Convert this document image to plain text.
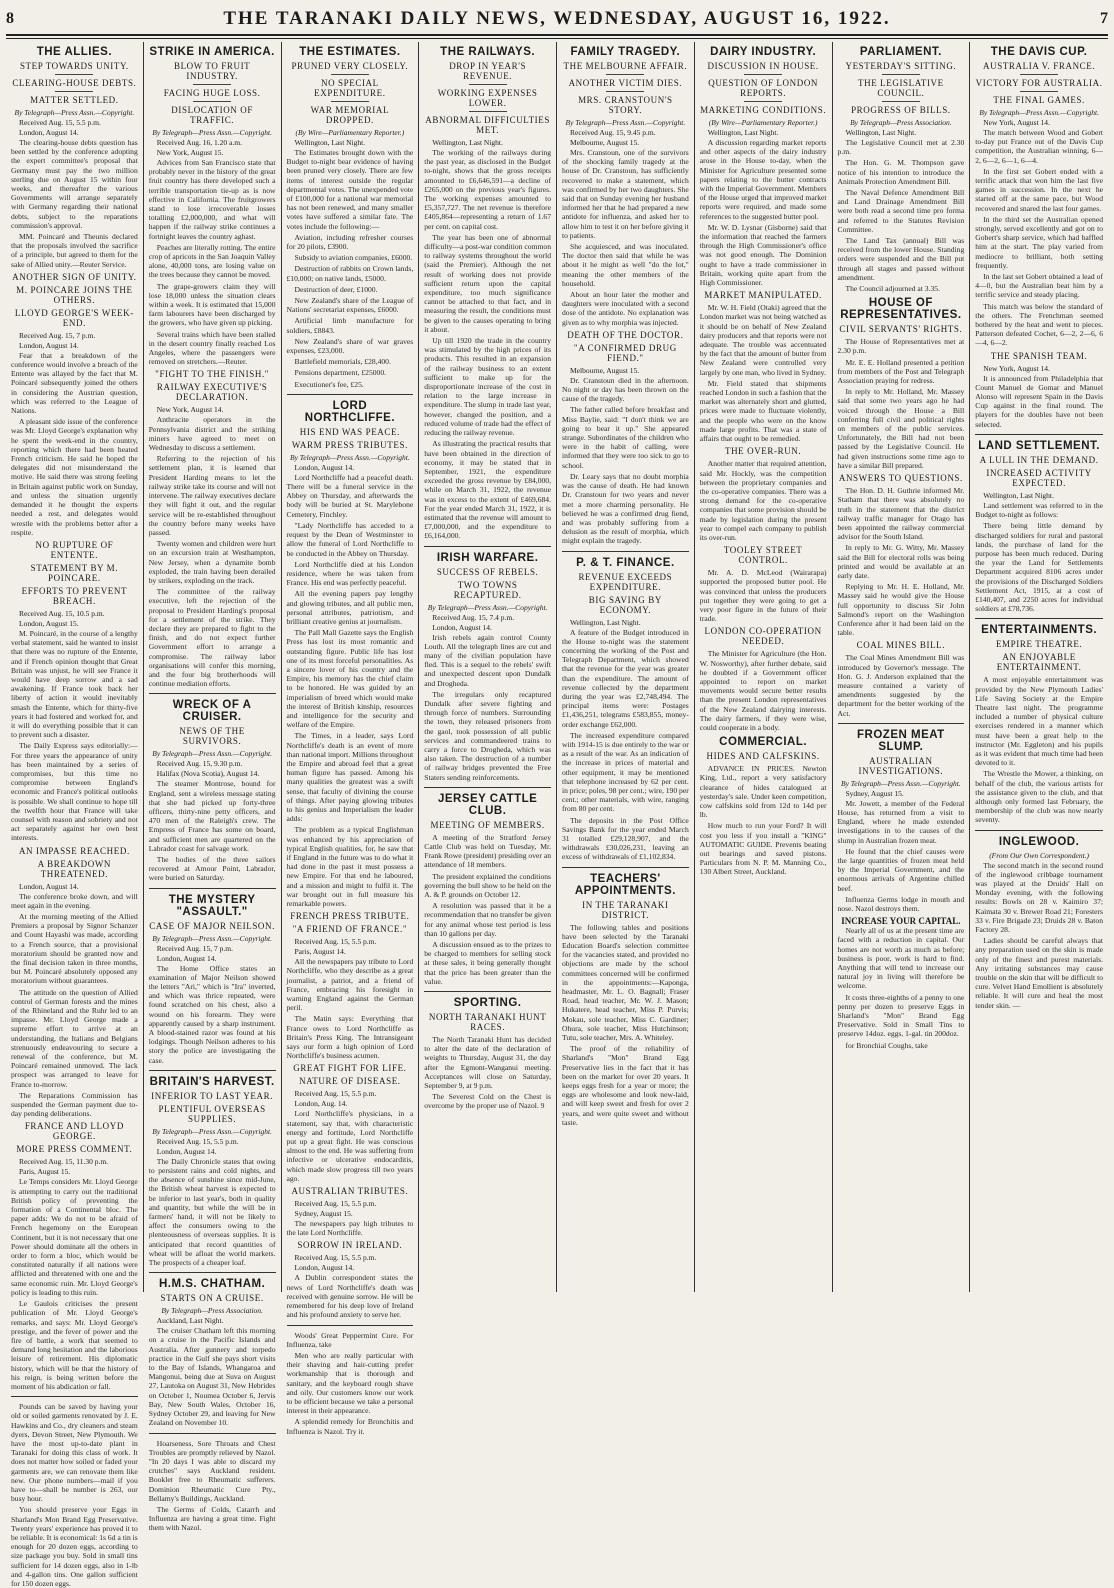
8	THE TARANAKI DAILY NEWS, WEDNESDAY, AUGUST 16, 1922.	7
THE ALLIES.
STEP TOWARDS UNITY.
CLEARING-HOUSE DEBTS.
MATTER SETTLED.
By Telegraph—Press Assn.—Copyright.
Received Aug. 15, 5.5 p.m.
London, August 14.
The clearing-house debts question has been settled by the conference adopting the expert committee's proposal that Germany must pay the two million sterling due on August 15 within four weeks, and thereafter the various Governments will arrange separately with Germany regarding their national debts, subject to the reparations commission's approval.
MM. Poincaré and Theunis declared that the proposals involved the sacrifice of a principle, but agreed to them for the sake of Allied unity.—Reuter Service.
ANOTHER SIGN OF UNITY.
M. POINCARE JOINS THE OTHERS.
LLOYD GEORGE'S WEEK-END.
Received Aug. 15, 7 p.m.
London, August 14.
Fear that a breakdown of the conference would involve a breach of the Entente was allayed by the fact that M. Poincaré subsequently joined the others in considering the Austrian question, which was referred to the League of Nations.
A pleasant side issue of the conference was Mr. Lloyd George's explanation why he spent the week-end in the country, reporting which there had been heated French criticism. He said he hoped the delegates did not misunderstand the motive. He said there was strong feeling in Britain against public work on Sunday, and unless the situation urgently demanded it he thought the experts needed a rest, and delegates would wrestle with the problems better after a respite.
NO RUPTURE OF ENTENTE.
STATEMENT BY M. POINCARE.
EFFORTS TO PREVENT BREACH.
Received Aug. 15, 10.5 p.m.
London, August 15.
M. Poincaré, in the course of a lengthy verbal statement, said he wanted to insist that there was no rupture of the Entente, and if French opinion thought that Great Britain was unjust, he will see France it would have deep sorrow and a sad awakening. If France took back her liberty of action it would inevitably smash the Entente, which for thirty-five years it had fostered and worked for, and it will do everything possible that it can to prevent such a disaster.
The Daily Express says editorially:—For three years the appearance of unity has been maintained by a series of compromises, but this time no compromise between England's economic and France's political outlooks is possible. We shall continue to hope till the twelfth hour that France will take counsel with reason and sobriety and not act separately against her own best interests.
AN IMPASSE REACHED.
A BREAKDOWN THREATENED.
London, August 14.
The conference broke down, and will meet again in the evening.
At the morning meeting of the Allied Premiers a proposal by Signor Schanzer and Count Hayashi was made, according to a French source, that a provisional moratorium should be granted now and the final decision taken in three months, but M. Poincaré absolutely opposed any moratorium without guarantees.
The attitude on the question of Allied control of German forests and the mines of the Rhineland and the Ruhr led to an impasse. Mr. Lloyd George made a supreme effort to arrive at an understanding, the Italians and Belgians strenuously endeavouring to secure a renewal of the conference, but M. Poincaré remained unmoved. The lack prospect was arranged to leave for France to-morrow.
The Reparations Commission has suspended the German payment due to-day pending deliberations.
FRANCE AND LLOYD GEORGE.
MORE PRESS COMMENT.
Received Aug. 15, 11.30 p.m.
Paris, August 15.
Le Temps considers Mr. Lloyd George is attempting to carry out the traditional British policy of preventing the formation of a Continental bloc. The paper adds: We do not to be afraid of French hegemony on the European Continent, but it is not necessary that one Power should dominate all the others in order to form a bloc, which would be constituted naturally if all nations were afflicted and threatened with one and the same economic ruin. Mr. Lloyd George's policy is leading to this ruin.
Le Gaulois criticises the present publication of Mr. Lloyd George's remarks, and says: Mr. Lloyd George's prestige, and the fever of power and the fire of battle, a work that seemed to demand long hesitation and the laborious leisure of retirement. His diplomatic history, which will be that the history of his reign, is being written before the moment of his abdication or fall.
Pounds can be saved by having your old or soiled garments renovated by J. E. Hawkins and Co., dry cleaners and steam dyers, Devon Street, New Plymouth. We have the most up-to-date plant in Taranaki for doing this class of work. It does not matter how soiled or faded your garments are, we can renovate them like new. Our phone numbers—mail if you have to—shall be number is 263, our busy hour.
You should preserve your Eggs in Sharland's Mon Brand Egg Preservative. Twenty years' experience has proved it to be reliable. It is economical: 1s 6d a tin is enough for 20 dozen eggs, according to size package you buy. Sold in small tins sufficient for 14 dozen eggs, also in 1-lb and 4-gallon tins. One gallon sufficient for 150 dozen eggs.
STRIKE IN AMERICA.
BLOW TO FRUIT INDUSTRY.
FACING HUGE LOSS.
DISLOCATION OF TRAFFIC.
By Telegraph—Press Assn.—Copyright.
Received Aug. 16, 1.20 a.m.
New York, August 15.
Advices from San Francisco state that probably never in the history of the great fruit country has there developed such a terrible transportation tie-up as is now effective in California. The fruitgrowers stand to lose irrecoverable losses totalling £2,000,000, and what will happen if the railway strike continues a fortnight leaves the country aghast.
Peaches are literally rotting. The entire crop of apricots in the San Joaquin Valley alone, 40,000 tons, are losing value on the trees because they cannot be moved.
The grape-growers claim they will lose 18,000 unless the situation clears within a week. It is estimated that 15,000 farm labourers have been discharged by the growers, who have given up picking.
Several trains which have been stalled in the desert country finally reached Los Angeles, where the passengers were removed on stretchers.—Reuter.
"FIGHT TO THE FINISH."
RAILWAY EXECUTIVE'S DECLARATION.
New York, August 14.
Anthracite operators in the Pennsylvania district and the striking miners have agreed to meet on Wednesday to discuss a settlement.
Referring to the rejection of his settlement plan, it is learned that President Harding means to let the railway strike take its course and will not intervene. The railway executives declare they will fight it out, and the regular service will be re-established throughout the country before many weeks have passed.
Twenty women and children were hurt on an excursion train at Westhampton, New Jersey, when a dynamite bomb exploded, the train having been derailed by strikers, exploding on the track.
The committee of the railway executive, left the rejection of the proposal to President Harding's proposal for a settlement of the strike. They declare they are prepared to fight to the finish, and do not expect further Government effort to arrange a compromise. The railway labor organisations will confer this morning, and the four big brotherhoods will continue mediation efforts.
WRECK OF A CRUISER.
NEWS OF THE SURVIVORS.
By Telegraph—Press Assn.—Copyright.
Received Aug. 15, 9.30 p.m.
Halifax (Nova Scotia), August 14.
The steamer Montrose, bound for England, sent a wireless message stating that she had picked up forty-three officers, thirty-nine petty officers, and 470 men of the Raleigh's crew. The Empress of France has some on board, and sufficient men are quartered on the Labrador coast for salvage work.
The bodies of the three sailors recovered at Amour Point, Labrador, were buried on Saturday.
THE MYSTERY "ASSAULT."
CASE OF MAJOR NEILSON.
By Telegraph—Press Assn.—Copyright.
Received Aug. 15, 7 p.m.
London, August 14.
The Home Office states an examination of Major Neilson showed the letters "Ari," which is "Ira" inverted, and which was thrice repeated, were found scratched on his chest, also a wound on his forearm. They were apparently caused by a sharp instrument. A blood-stained razor was found at his lodgings. Though Neilson adheres to his story the police are investigating the case.
BRITAIN'S HARVEST.
INFERIOR TO LAST YEAR.
PLENTIFUL OVERSEAS SUPPLIES.
By Telegraph—Press Assn.—Copyright.
Received Aug. 15, 5.5 p.m.
London, August 14.
The Daily Chronicle states that owing to persistent rains and cold nights, and the absence of sunshine since mid-June, the British wheat harvest is expected to be inferior to last year's, both in quality and quantity, but while the will be in farmers' hand, it will not be likely to affect the consumers owing to the plenteousness of overseas supplies. It is anticipated that record quantities of wheat will be afloat the world markets. The prospects of a cheaper loaf.
H.M.S. CHATHAM.
STARTS ON A CRUISE.
By Telegraph—Press Association.
Auckland, Last Night.
The cruiser Chatham left this morning on a cruise in the Pacific Islands and Australia. After gunnery and torpedo practice in the Gulf she pays short visits to the Bay of Islands, Whangaroa and Mangonui, being due at Suva on August 27, Lautoka on August 31, New Hebrides on October 1, Noumea October 6, Jervis Bay, New South Wales, October 16, Sydney October 29, and leaving for New Zealand on November 10.
Hoarseness, Sore Throats and Chest Troubles are promptly relieved by Nazol. "In 20 days I was able to discard my crutches" says Auckland resident. Booklet free to Rheumatic sufferers. Dominion Rheumatic Cure Pty., Bellamy's Buildings, Auckland.
The Germs of Colds, Catarrh and Influenza are having a great time. Fight them with Nazol.
THE ESTIMATES.
PRUNED VERY CLOSELY.
NO SPECIAL EXPENDITURE.
WAR MEMORIAL DROPPED.
(By Wire—Parliamentary Reporter.)
Wellington, Last Night.
The Estimates brought down with the Budget to-night bear evidence of having been pruned very closely. There are few items of interest outside the regular departmental votes. The unexpended vote of £100,000 for a national war memorial has not been renewed, and many smaller votes have suffered a similar fate. The votes include the following:—
Aviation, including refresher courses for 20 pilots, £3900.
Subsidy to aviation companies, £6000.
Destruction of rabbits on Crown lands, £10,000; on native lands, £5000.
Destruction of deer, £1000.
New Zealand's share of the League of Nations' secretariat expenses, £6000.
Artificial limb manufacture for soldiers, £8843.
New Zealand's share of war graves expenses, £23,000.
Battlefield memorials, £28,400.
Pensions department, £25000.
Executioner's fee, £25.
LORD NORTHCLIFFE.
HIS END WAS PEACE.
WARM PRESS TRIBUTES.
By Telegraph—Press Assn.—Copyright.
London, August 14.
Lord Northcliffe had a peaceful death. There will be a funeral service in the Abbey on Thursday, and afterwards the body will be buried at St. Marylebone Cemetery, Finchley.
"Lady Northcliffe has acceded to a request by the Dean of Westminster to allow the funeral of Lord Northcliffe to be conducted in the Abbey on Thursday.
Lord Northcliffe died at his London residence, where he was taken from France. His end was perfectly peaceful.
All the evening papers pay lengthy and glowing tributes, and all public men, personal attributes, patriotism, and brilliant creative genius at journalism.
The Pall Mall Gazette says the English Press has lost its most romantic and outstanding figure. Public life has lost one of its most forceful personalities. As a sincere lover of his country and the Empire, his memory has the chief claim to be honored. He was guided by an imperialism of breed which would make the interest of British kinship, resources and intelligence for the security and welfare of the Empire.
The Times, in a leader, says Lord Northcliffe's death is an event of more than national import. Millions throughout the Empire and abroad feel that a great human figure has passed. Among his many qualities the greatest was a swift sense, that faculty of divining the course of things. After paying glowing tributes to his genius and Imperialism the leader adds:
The problem as a typical Englishman was enhanced by his appreciation of typical English qualities, for, he saw that if England in the future was to do what it had done in the past it must possess a new Empire. For that end he laboured, and a mission and might to fulfil it. The war brought out in full measure his remarkable powers.
FRENCH PRESS TRIBUTE.
"A FRIEND OF FRANCE."
Received Aug. 15, 5.5 p.m.
Paris, August 14.
All the newspapers pay tribute to Lord Northcliffe, who they describe as a great journalist, a patriot, and a friend of France, embracing his foresight in warning England against the German peril.
The Matin says: Everything that France owes to Lord Northcliffe as Britain's Press King. The Intransigeant says our form a high opinion of Lord Northcliffe's business acumen.
GREAT FIGHT FOR LIFE.
NATURE OF DISEASE.
Received Aug. 15, 5.5 p.m.
London, Aug. 14.
Lord Northcliffe's physicians, in a statement, say that, with characteristic energy and fortitude, Lord Northcliffe put up a great fight. He was conscious almost to the end. He was suffering from infective or ulcerative endocarditis, which made slow progress till two years ago.
AUSTRALIAN TRIBUTES.
Received Aug. 15, 5.5 p.m.
Sydney, August 15.
The newspapers pay high tributes to the late Lord Northcliffe.
SORROW IN IRELAND.
Received Aug. 15, 5.5 p.m.
London, August 14.
A Dublin correspondent states the news of Lord Northcliffe's death was received with genuine sorrow. He will be remembered for his deep love of Ireland and his profound anxiety to serve her.
Woods' Great Peppermint Cure. For Influenza, take
Men who are really particular with their shaving and hair-cutting prefer workmanship that is thorough and sanitary, and the keyboard rough shave and oily. Our customers know our work to be efficient because we take a personal interest in their appearance.
A splendid remedy for Bronchitis and Influenza is Nazol. Try it.
THE RAILWAYS.
DROP IN YEAR'S REVENUE.
WORKING EXPENSES LOWER.
ABNORMAL DIFFICULTIES MET.
Wellington, Last Night.
The working of the railways during the past year, as disclosed in the Budget to-night, shows that the gross receipts amounted to £6,646,591—a decline of £265,000 on the previous year's figures. The working expenses amounted to £5,357,727. The net revenue is therefore £405,864—representing a return of 1.67 per cent. on capital cost.
The year has been one of abnormal difficulty—a post-war condition common to railway systems throughout the world (said the Premier). Although the net result of working does not provide sufficient return upon the capital expenditure, too much significance cannot be attached to that fact, and in measuring the result, the conditions must be given to the causes operating to bring it about.
Up till 1920 the trade in the country was stimulated by the high prices of its products. This resulted in an expansion of the railway business to an extent sufficient to make up for the disproportionate increase of the cost in relation to the large increase in expenditure. The slump in trade last year, however, changed the position, and a reduced volume of trade had the effect of reducing the railway revenue.
As illustrating the practical results that have been obtained in the direction of economy, it may be stated that in September, 1921, the expenditure exceeded the gross revenue by £84,000, while on March 31, 1922, the revenue was in excess to the extent of £469,684. For the year ended March 31, 1922, it is estimated that the revenue will amount to £7,000,000, and the expenditure to £6,164,000.
IRISH WARFARE.
SUCCESS OF REBELS.
TWO TOWNS RECAPTURED.
By Telegraph—Press Assn.—Copyright.
Received Aug. 15, 7.4 p.m.
London, August 14.
Irish rebels again control County Louth. All the telegraph lines are cut and many of the civilian population have fled. This is a sequel to the rebels' swift and unexpected descent upon Dundalk and Drogheda.
The irregulars only recaptured Dundalk after severe fighting and through force of numbers. Surrounding the town, they released prisoners from the gaol, took possession of all public services and commandeered trains to carry a force to Drogheda, which was also taken. The destruction of a number of railway bridges prevented the Free Staters sending reinforcements.
JERSEY CATTLE CLUB.
MEETING OF MEMBERS.
A meeting of the Stratford Jersey Cattle Club was held on Tuesday, Mr. Frank Rowe (president) presiding over an attendance of 18 members.
The president explained the conditions governing the bull show to be held on the A. & P. grounds on October 12.
A resolution was passed that it be a recommendation that no transfer be given for any animal whose test period is less than 10 gallons per day.
A discussion ensued as to the prizes to be charged to members for selling stock at these sales, it being generally thought that the price has been greater than the value.
SPORTING.
NORTH TARANAKI HUNT RACES.
The North Taranaki Hunt has decided to alter the date of the declaration of weights to Thursday, August 31, the day after the Egmont-Wanganui meeting. Acceptances will close on Saturday, September 9, at 9 p.m.
The Severest Cold on the Chest is overcome by the proper use of Nazol. 9
FAMILY TRAGEDY.
THE MELBOURNE AFFAIR.
ANOTHER VICTIM DIES.
MRS. CRANSTOUN'S STORY.
By Telegraph—Press Assn.—Copyright.
Received Aug. 15, 9.45 p.m.
Melbourne, August 15.
Mrs. Cranstoun, one of the survivors of the shocking family tragedy at the house of Dr. Cranstoun, has sufficiently recovered to make a statement, which was confirmed by her two daughters. She said that on Sunday evening her husband informed her that he had prepared a new antidote for influenza, and asked her to allow him to test it on her before giving it to patients.
She acquiesced, and was inoculated. The doctor then said that while he was about it he might as well "do the lot," meaning the other members of the household.
About an hour later the mother and daughters were inoculated with a second dose of the antidote. No explanation was given as to why morphia was injected.
DEATH OF THE DOCTOR.
"A CONFIRMED DRUG FIEND."
Melbourne, August 15.
Dr. Cranstoun died in the afternoon. No night or day has been thrown on the cause of the tragedy.
The father called before breakfast and Miss Baylie, said: "I don't think we are going to bear it up." She appeared strange. Subordinates of the children who were in the habit of calling, were informed that they were too sick to go to school.
Dr. Leary says that no doubt morphia was the cause of death. He had known Dr. Cranstoun for two years and never met a more charming personality. He believed he was a confirmed drug fiend, and was probably suffering from a delusion as the result of morphia, which might explain the tragedy.
P. & T. FINANCE.
REVENUE EXCEEDS EXPENDITURE.
BIG SAVING BY ECONOMY.
Wellington, Last Night.
A feature of the Budget introduced in the House to-night was the statement concerning the working of the Post and Telegraph Department, which showed that the revenue for the year was greater than the expenditure. The amount of revenue collected by the department during the year was £2,748,494. The principal items were: Postages £1,436,251, telegrams £583,855, money-order exchange £62,000.
The increased expenditure compared with 1914-15 is due entirely to the war or as a result of the war. As an indication of the increase in prices of material and other equipment, it may be mentioned that telephone increased by 62 per cent. in price; poles, 98 per cent.; wire, 190 per cent.; other materials, with wire, ranging from 80 per cent.
The deposits in the Post Office Savings Bank for the year ended March 31 totalled £29,128,907, and the withdrawals £30,026,231, leaving an excess of withdrawals of £1,102,834.
TEACHERS' APPOINTMENTS.
IN THE TARANAKI DISTRICT.
The following tables and positions have been selected by the Taranaki Education Board's selection committee for the vacancies stated, and provided no objections are made by the school committees concerned will be confirmed in the appointments:—Kaponga, headmaster, Mr. L. O. Bagnall; Fraser Road, head teacher, Mr. W. J. Mason; Hukatere, head teacher, Miss P. Purvis; Mokau, sole teacher, Miss C. Gardiner; Ohura, sole teacher, Miss Hutchinson; Tutu, sole teacher, Mrs. A. Whiteley.
The proof of the reliability of Sharland's "Mon" Brand Egg Preservative lies in the fact that it has been on the market for over 20 years. It keeps eggs fresh for a year or more; the eggs are wholesome and look new-laid, and will keep sweet and fresh for over 2 years, and were quite sweet and without taste.
DAIRY INDUSTRY.
DISCUSSION IN HOUSE.
QUESTION OF LONDON REPORTS.
MARKETING CONDITIONS.
(By Wire—Parliamentary Reporter.)
Wellington, Last Night.
A discussion regarding market reports and other aspects of the dairy industry arose in the House to-day, when the Minister for Agriculture presented some papers relating to the butter contracts with the Imperial Government. Members of the House urged that improved market reports were required, and made some references to the suggested butter pool.
Mr. W. D. Lysnar (Gisborne) said that the information that reached the farmers through the High Commissioner's office was not good enough. The Dominion ought to have a trade commissioner in Britain, working quite apart from the High Commissioner.
MARKET MANIPULATED.
Mr. W. H. Field (Otaki) agreed that the London market was not being watched as it should be on behalf of New Zealand dairy producers and that reports were not adequate. The trouble was accentuated by the fact that the amount of butter from New Zealand were controlled very largely by one man, who lived in Sydney.
Mr. Field stated that shipments reached London in such a fashion that the market was alternately short and glutted, prices were made to fluctuate violently, and the people who were on the know made large profits. That was a state of affairs that ought to be remedied.
THE OVER-RUN.
Another matter that required attention, said Mr. Hockly, was the competition between the proprietary companies and the co-operative companies. There was a strong demand for the co-operative companies that some provision should be made by legislation during the present year to compel each company to publish its over-run.
TOOLEY STREET CONTROL.
Mr. A. D. McLeod (Wairarapa) supported the proposed butter pool. He was convinced that unless the producers put together they were going to get a very poor figure in the future of their trade.
LONDON CO-OPERATION NEEDED.
The Minister for Agriculture (the Hon. W. Nosworthy), after further debate, said he doubted if a Government officer appointed to report on market movements would secure better results than the present London representatives of the New Zealand dairying interests. The dairy farmers, if they were wise, could cooperate in a body.
COMMERCIAL.
HIDES AND CALFSKINS.
ADVANCE IN PRICES. Newton King, Ltd., report a very satisfactory clearance of hides catalogued at yesterday's sale. Under keen competition, cow calfskins sold from 12d to 14d per lb.
How much to run your Ford? It will cost you less if you install a "KING" AUTOMATIC GUIDE. Prevents beating out bearings and saved pistons. Particulars from N. P. M. Manning Co., 130 Albert Street, Auckland.
PARLIAMENT.
YESTERDAY'S SITTING.
THE LEGISLATIVE COUNCIL.
PROGRESS OF BILLS.
By Telegraph—Press Association.
Wellington, Last Night.
The Legislative Council met at 2.30 p.m.
The Hon. G. M. Thompson gave notice of his intention to introduce the Animals Protection Amendment Bill.
The Naval Defence Amendment Bill and Land Drainage Amendment Bill were both read a second time pro forma and referred to the Statutes Revision Committee.
The Land Tax (annual) Bill was received from the lower House. Standing orders were suspended and the Bill put through all stages and passed without amendment.
The Council adjourned at 3.35.
HOUSE OF REPRESENTATIVES.
CIVIL SERVANTS' RIGHTS.
The House of Representatives met at 2.30 p.m.
Mr. E. E. Holland presented a petition from members of the Post and Telegraph Association praying for redress.
In reply to Mr. Holland, Mr. Massey said that some two years ago he had voiced through the House a Bill conferring full civil and political rights on members of the public services. Unfortunately, the Bill had not been passed by the Legislative Council. He had given instructions some time ago to have a similar Bill prepared.
ANSWERS TO QUESTIONS.
The Hon. D. H. Guthrie informed Mr. Statham that there was absolutely no truth in the statement that the district railway traffic manager for Otago has been appointed the railway commercial advisor for the South Island.
In reply to Mr. G. Witty, Mr. Massey said the Bill for electoral rolls was being printed and would be available at an early date.
Replying to Mr. H. E. Holland, Mr. Massey said he would give the House full opportunity to discuss Sir John Salmond's report on the Washington Conference after it had been laid on the table.
COAL MINES BILL.
The Coal Mines Amendment Bill was introduced by Governor's message. The Hon. G. J. Anderson explained that the measure contained a variety of amendments suggested by the department for the better working of the Act.
FROZEN MEAT SLUMP.
AUSTRALIAN INVESTIGATIONS.
By Telegraph—Press Assn.—Copyright.
Sydney, August 15.
Mr. Jowett, a member of the Federal House, has returned from a visit to England, where he made extended investigations in to the causes of the slump in Australian frozen meat.
He found that the chief causes were the large quantities of frozen meat held by the Imperial Government, and the enormous arrivals of Argentine chilled beef.
Influenza Germs lodge in mouth and nose. Nazol destroys them.
INCREASE YOUR CAPITAL.
Nearly all of us at the present time are faced with a reduction in capital. Our homes are not worth as much as before; business is poor, work is hard to find. Anything that will tend to increase our natural joy in living will therefore be welcome.
It costs three-eighths of a penny to one penny per dozen to preserve Eggs in Sharland's "Mon" Brand Egg Preservative. Sold in Small Tins to preserve 14doz. eggs, 1-gal. tin 200doz.
for Bronchial Coughs, take
THE DAVIS CUP.
AUSTRALIA V. FRANCE.
VICTORY FOR AUSTRALIA.
THE FINAL GAMES.
By Telegraph—Press Assn.—Copyright.
New York, August 14.
The match between Wood and Gobert to-day put France out of the Davis Cup competition, the Australian winning, 6—2, 6—2, 6—1, 6—4.
In the first set Gobert ended with a terrific attack that won him the last five games in succession. In the next he started off at the same pace, but Wood recovered and snared the last four games.
In the third set the Australian opened strongly, served excellently and got on to Gobert's sharp service, which had baffled him at the start. The play varied from mediocre to brilliant, both setting frequently.
In the last set Gobert obtained a lead of 4—0, but the Australian beat him by a terrific service and steady placing.
This match was below the standard of the others. The Frenchman seemed bothered by the heat and went to pieces. Patterson defeated Cochet, 6—2, 2—6, 6—4, 6—2.
THE SPANISH TEAM.
New York, August 14.
It is announced from Philadelphia that Count Manuel de Gomar and Manuel Alonso will represent Spain in the Davis Cup against in the final round. The players for the doubles have not been selected.
LAND SETTLEMENT.
A LULL IN THE DEMAND.
INCREASED ACTIVITY EXPECTED.
Wellington, Last Night.
Land settlement was referred to in the Budget to-night as follows:
There being little demand by discharged soldiers for rural and pastoral lands, the purchase of land for the purpose has been much reduced. During the year the Land for Settlements Department acquired 8106 acres under the provisions of the Discharged Soldiers Settlement Act, 1915, at a cost of £140,407, and 2250 acres for individual soldiers at £78,736.
ENTERTAINMENTS.
EMPIRE THEATRE.
AN ENJOYABLE ENTERTAINMENT.
A most enjoyable entertainment was provided by the New Plymouth Ladies' Life Saving Society at the Empire Theatre last night. The programme included a number of physical culture exercises rendered in a manner which must have been a great help to the instructor (Mr. Eggleton) and his pupils as it was evident that much time had been devoted to it.
The Wrestle the Mower, a thinking, on behalf of the club, the various artists for the assistance given to the club, and that although only formed last February, the membership of the club was now nearly seventy.
INGLEWOOD.
(From Our Own Correspondent.)
The second match in the second round of the inglewood cribbage tournament was played at the Druids' Hall on Monday evening, with the following results: Bowls on 28 v. Kaimiro 37; Kaimata 30 v. Brewer Road 21; Foresters 33 v. Fire Brigade 23; Druids 28 v. Baton Factory 28.
Ladies should be careful always that any preparation used on the skin is made only of the finest and purest materials. Any irritating substances may cause trouble on the skin that will be difficult to cure. Velvet Hand Emollient is absolutely reliable. It will cure and heal the most tender skin. —
